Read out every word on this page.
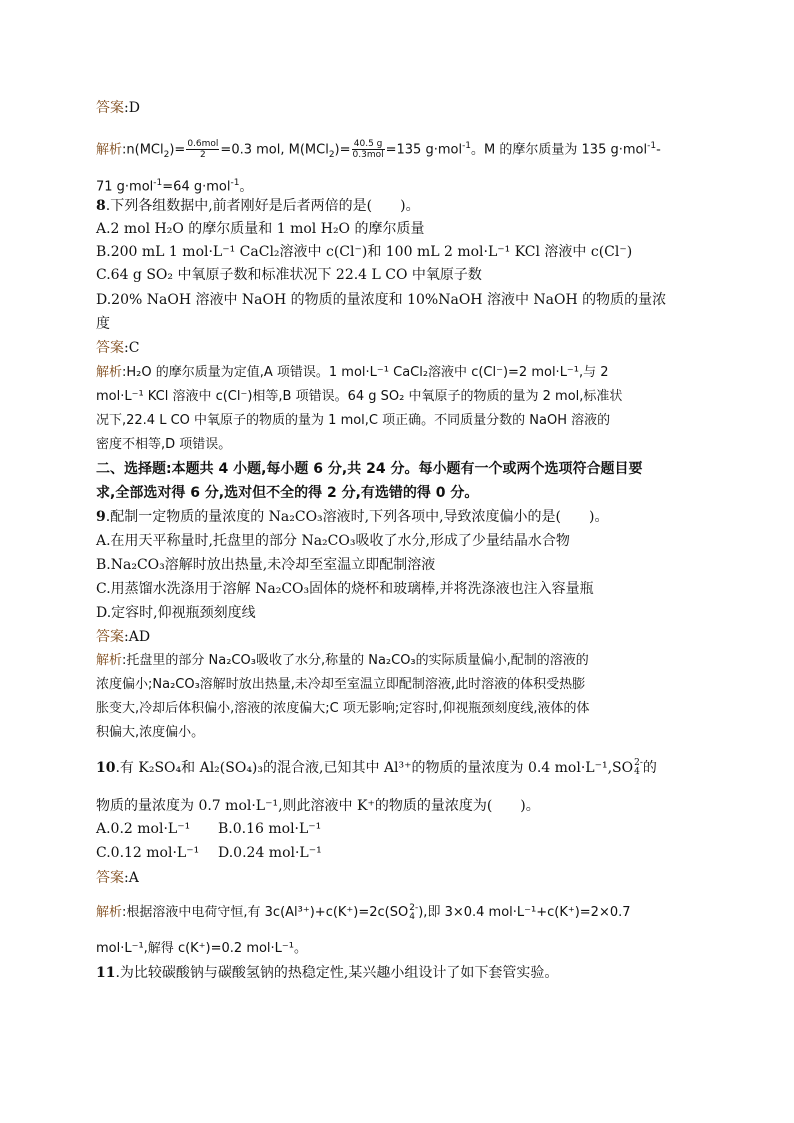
答案:D
解析:n(MCl$_2$)= $\frac{\text{0.6mol}}{2} =0.3$ mol, $M(MCl_2)= \frac{40.5 g}{\text{0.3mol}} =135$ g·mol$^{-1}$。M 的摩尔质量为 135 g·mol$^{-1}$-
71 g·mol$^{-1}$=64 g·mol$^{-1}$。
8.下列各组数据中,前者刚好是后者两倍的是(　　)。
A.2 mol H₂O 的摩尔质量和 1 mol H₂O 的摩尔质量
B.200 mL 1 mol·L⁻¹ CaCl₂溶液中 c(Cl⁻)和 100 mL 2 mol·L⁻¹ KCl 溶液中 c(Cl⁻)
C.64 g SO₂ 中氧原子数和标准状况下 22.4 L CO 中氧原子数
D.20% NaOH 溶液中 NaOH 的物质的量浓度和 10%NaOH 溶液中 NaOH 的物质的量浓
度
答案:C
解析:H₂O 的摩尔质量为定值,A 项错误。1 mol·L⁻¹ CaCl₂溶液中 c(Cl⁻)=2 mol·L⁻¹,与 2
mol·L⁻¹ KCl 溶液中 c(Cl⁻)相等,B 项错误。64 g SO₂ 中氧原子的物质的量为 2 mol,标准状
况下,22.4 L CO 中氧原子的物质的量为 1 mol,C 项正确。不同质量分数的 NaOH 溶液的
密度不相等,D 项错误。
二、选择题:本题共 4 小题,每小题 6 分,共 24 分。每小题有一个或两个选项符合题目要
求,全部选对得 6 分,选对但不全的得 2 分,有选错的得 0 分。
9.配制一定物质的量浓度的 Na₂CO₃溶液时,下列各项中,导致浓度偏小的是(　　)。
A.在用天平称量时,托盘里的部分 Na₂CO₃吸收了水分,形成了少量结晶水合物
B.Na₂CO₃溶解时放出热量,未冷却至室温立即配制溶液
C.用蒸馏水洗涤用于溶解 Na₂CO₃固体的烧杯和玻璃棒,并将洗涤液也注入容量瓶
D.定容时,仰视瓶颈刻度线
答案:AD
解析:托盘里的部分 Na₂CO₃吸收了水分,称量的 Na₂CO₃的实际质量偏小,配制的溶液的
浓度偏小;Na₂CO₃溶解时放出热量,未冷却至室温立即配制溶液,此时溶液的体积受热膨
胀变大,冷却后体积偏小,溶液的浓度偏大;C 项无影响;定容时,仰视瓶颈刻度线,液体的体
积偏大,浓度偏小。
10.有 K₂SO₄和 Al₂(SO₄)₃的混合液,已知其中 Al³⁺的物质的量浓度为 0.4 mol·L⁻¹,SO 2-
4 的
物质的量浓度为 0.7 mol·L⁻¹,则此溶液中 K⁺的物质的量浓度为(　　)。
A.0.2 mol·L⁻¹ B.0.16 mol·L⁻¹
C.0.12 mol·L⁻¹ D.0.24 mol·L⁻¹
答案:A
解析:根据溶液中电荷守恒,有 3c(Al³⁺)+c(K⁺)=2c(SO 2-
4 ),即 3×0.4 mol·L⁻¹+c(K⁺)=2×0.7
mol·L⁻¹,解得 c(K⁺)=0.2 mol·L⁻¹。
11.为比较碳酸钠与碳酸氢钠的热稳定性,某兴趣小组设计了如下套管实验。
